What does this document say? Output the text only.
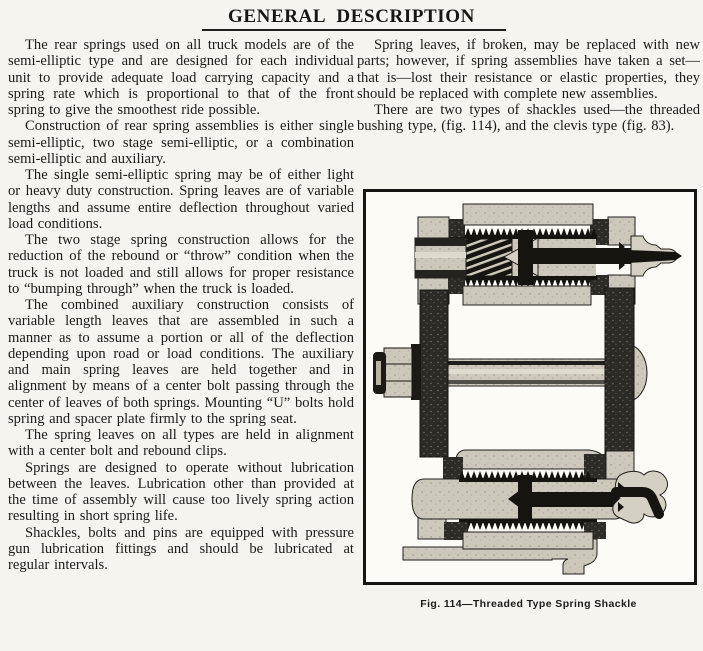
GENERAL DESCRIPTION

The rear springs used on all truck models are of the semi-elliptic type and are designed for each individual unit to provide adequate load carrying capacity and a spring rate which is proportional to that of the front spring to give the smoothest ride possible.

Construction of rear spring assemblies is either single semi-elliptic, two stage semi-elliptic, or a combination semi-elliptic and auxiliary.

The single semi-elliptic spring may be of either light or heavy duty construction. Spring leaves are of variable lengths and assume entire deflection throughout varied load conditions.

The two stage spring construction allows for the reduction of the rebound or “throw” condition when the truck is not loaded and still allows for proper resistance to “bumping through” when the truck is loaded.

The combined auxiliary construction consists of variable length leaves that are assembled in such a manner as to assume a portion or all of the deflection depending upon road or load conditions. The auxiliary and main spring leaves are held together and in alignment by means of a center bolt passing through the center of leaves of both springs. Mounting “U” bolts hold spring and spacer plate firmly to the spring seat.

The spring leaves on all types are held in alignment with a center bolt and rebound clips.

Springs are designed to operate without lubrication between the leaves. Lubrication other than provided at the time of assembly will cause too lively spring action resulting in short spring life.

Shackles, bolts and pins are equipped with pressure gun lubrication fittings and should be lubricated at regular intervals.

Spring leaves, if broken, may be replaced with new parts; however, if spring assemblies have taken a set—that is—lost their resistance or elastic properties, they should be replaced with complete new assemblies.

There are two types of shackles used—the threaded bushing type, (fig. 114), and the clevis type (fig. 83).

Fig. 114—Threaded Type Spring Shackle
